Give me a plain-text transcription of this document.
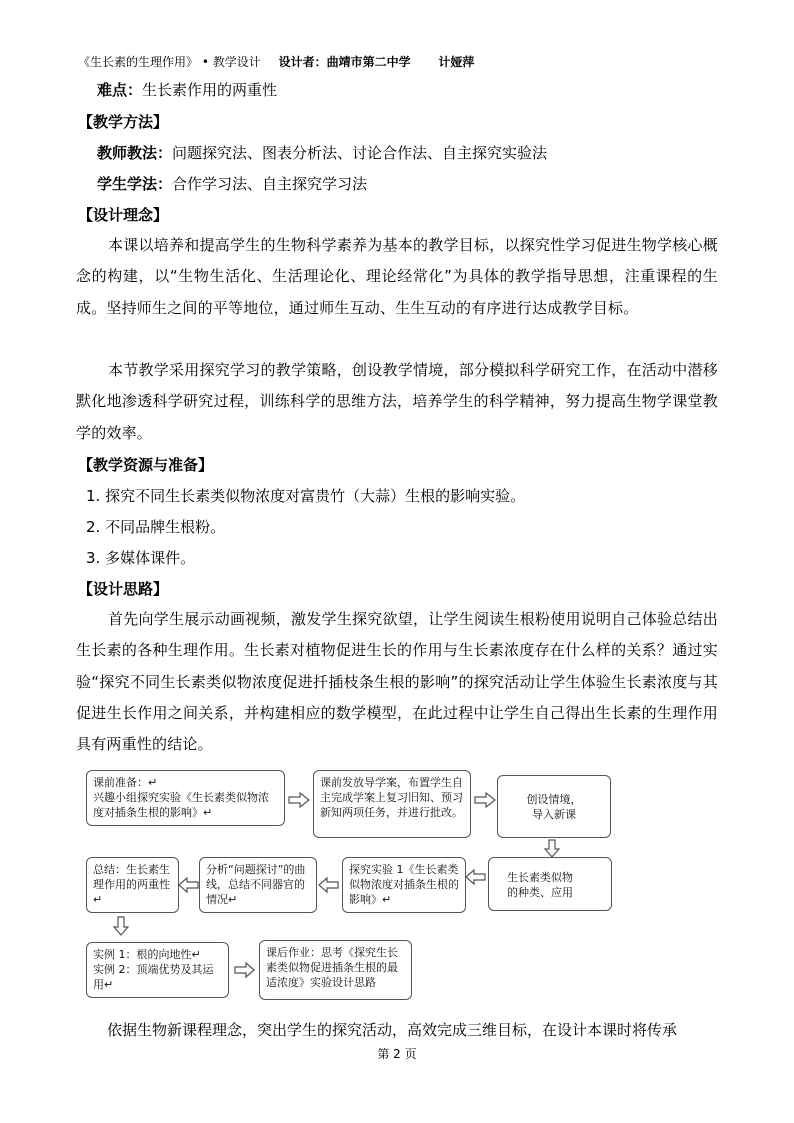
《生长素的生理作用》 • 教学设计 设计者：曲靖市第二中学 计娅萍
难点：生长素作用的两重性
【教学方法】
教师教法：问题探究法、图表分析法、讨论合作法、自主探究实验法
学生学法：合作学习法、自主探究学习法
【设计理念】
本课以培养和提高学生的生物科学素养为基本的教学目标，以探究性学习促进生物学核心概念的构建，以“生物生活化、生活理论化、理论经常化”为具体的教学指导思想，注重课程的生成。坚持师生之间的平等地位，通过师生互动、生生互动的有序进行达成教学目标。
本节教学采用探究学习的教学策略，创设教学情境，部分模拟科学研究工作，在活动中潜移默化地渗透科学研究过程，训练科学的思维方法，培养学生的科学精神，努力提高生物学课堂教学的效率。
【教学资源与准备】
1. 探究不同生长素类似物浓度对富贵竹（大蒜）生根的影响实验。
2. 不同品牌生根粉。
3. 多媒体课件。
【设计思路】
首先向学生展示动画视频，激发学生探究欲望，让学生阅读生根粉使用说明自己体验总结出生长素的各种生理作用。生长素对植物促进生长的作用与生长素浓度存在什么样的关系？通过实验“探究不同生长素类似物浓度促进扦插枝条生根的影响”的探究活动让学生体验生长素浓度与其促进生长作用之间关系，并构建相应的数学模型，在此过程中让学生自己得出生长素的生理作用具有两重性的结论。
课前准备：↵
兴趣小组探究实验《生长素类似物浓度对插条生根的影响》↵
课前发放导学案，布置学生自主完成学案上复习旧知、预习新知两项任务，并进行批改。
创设情境，
导入新课
生长素类似物
的种类、应用
探究实验 1《生长素类似物浓度对插条生根的影响》↵
分析“问题探讨”的曲线，总结不同器官的情况↵
总结：生长素生理作用的两重性↵
实例 1：根的向地性↵
实例 2：顶端优势及其运用↵
课后作业：思考《探究生长素类似物促进插条生根的最适浓度》实验设计思路
依据生物新课程理念，突出学生的探究活动，高效完成三维目标，在设计本课时将传承
第 2 页
